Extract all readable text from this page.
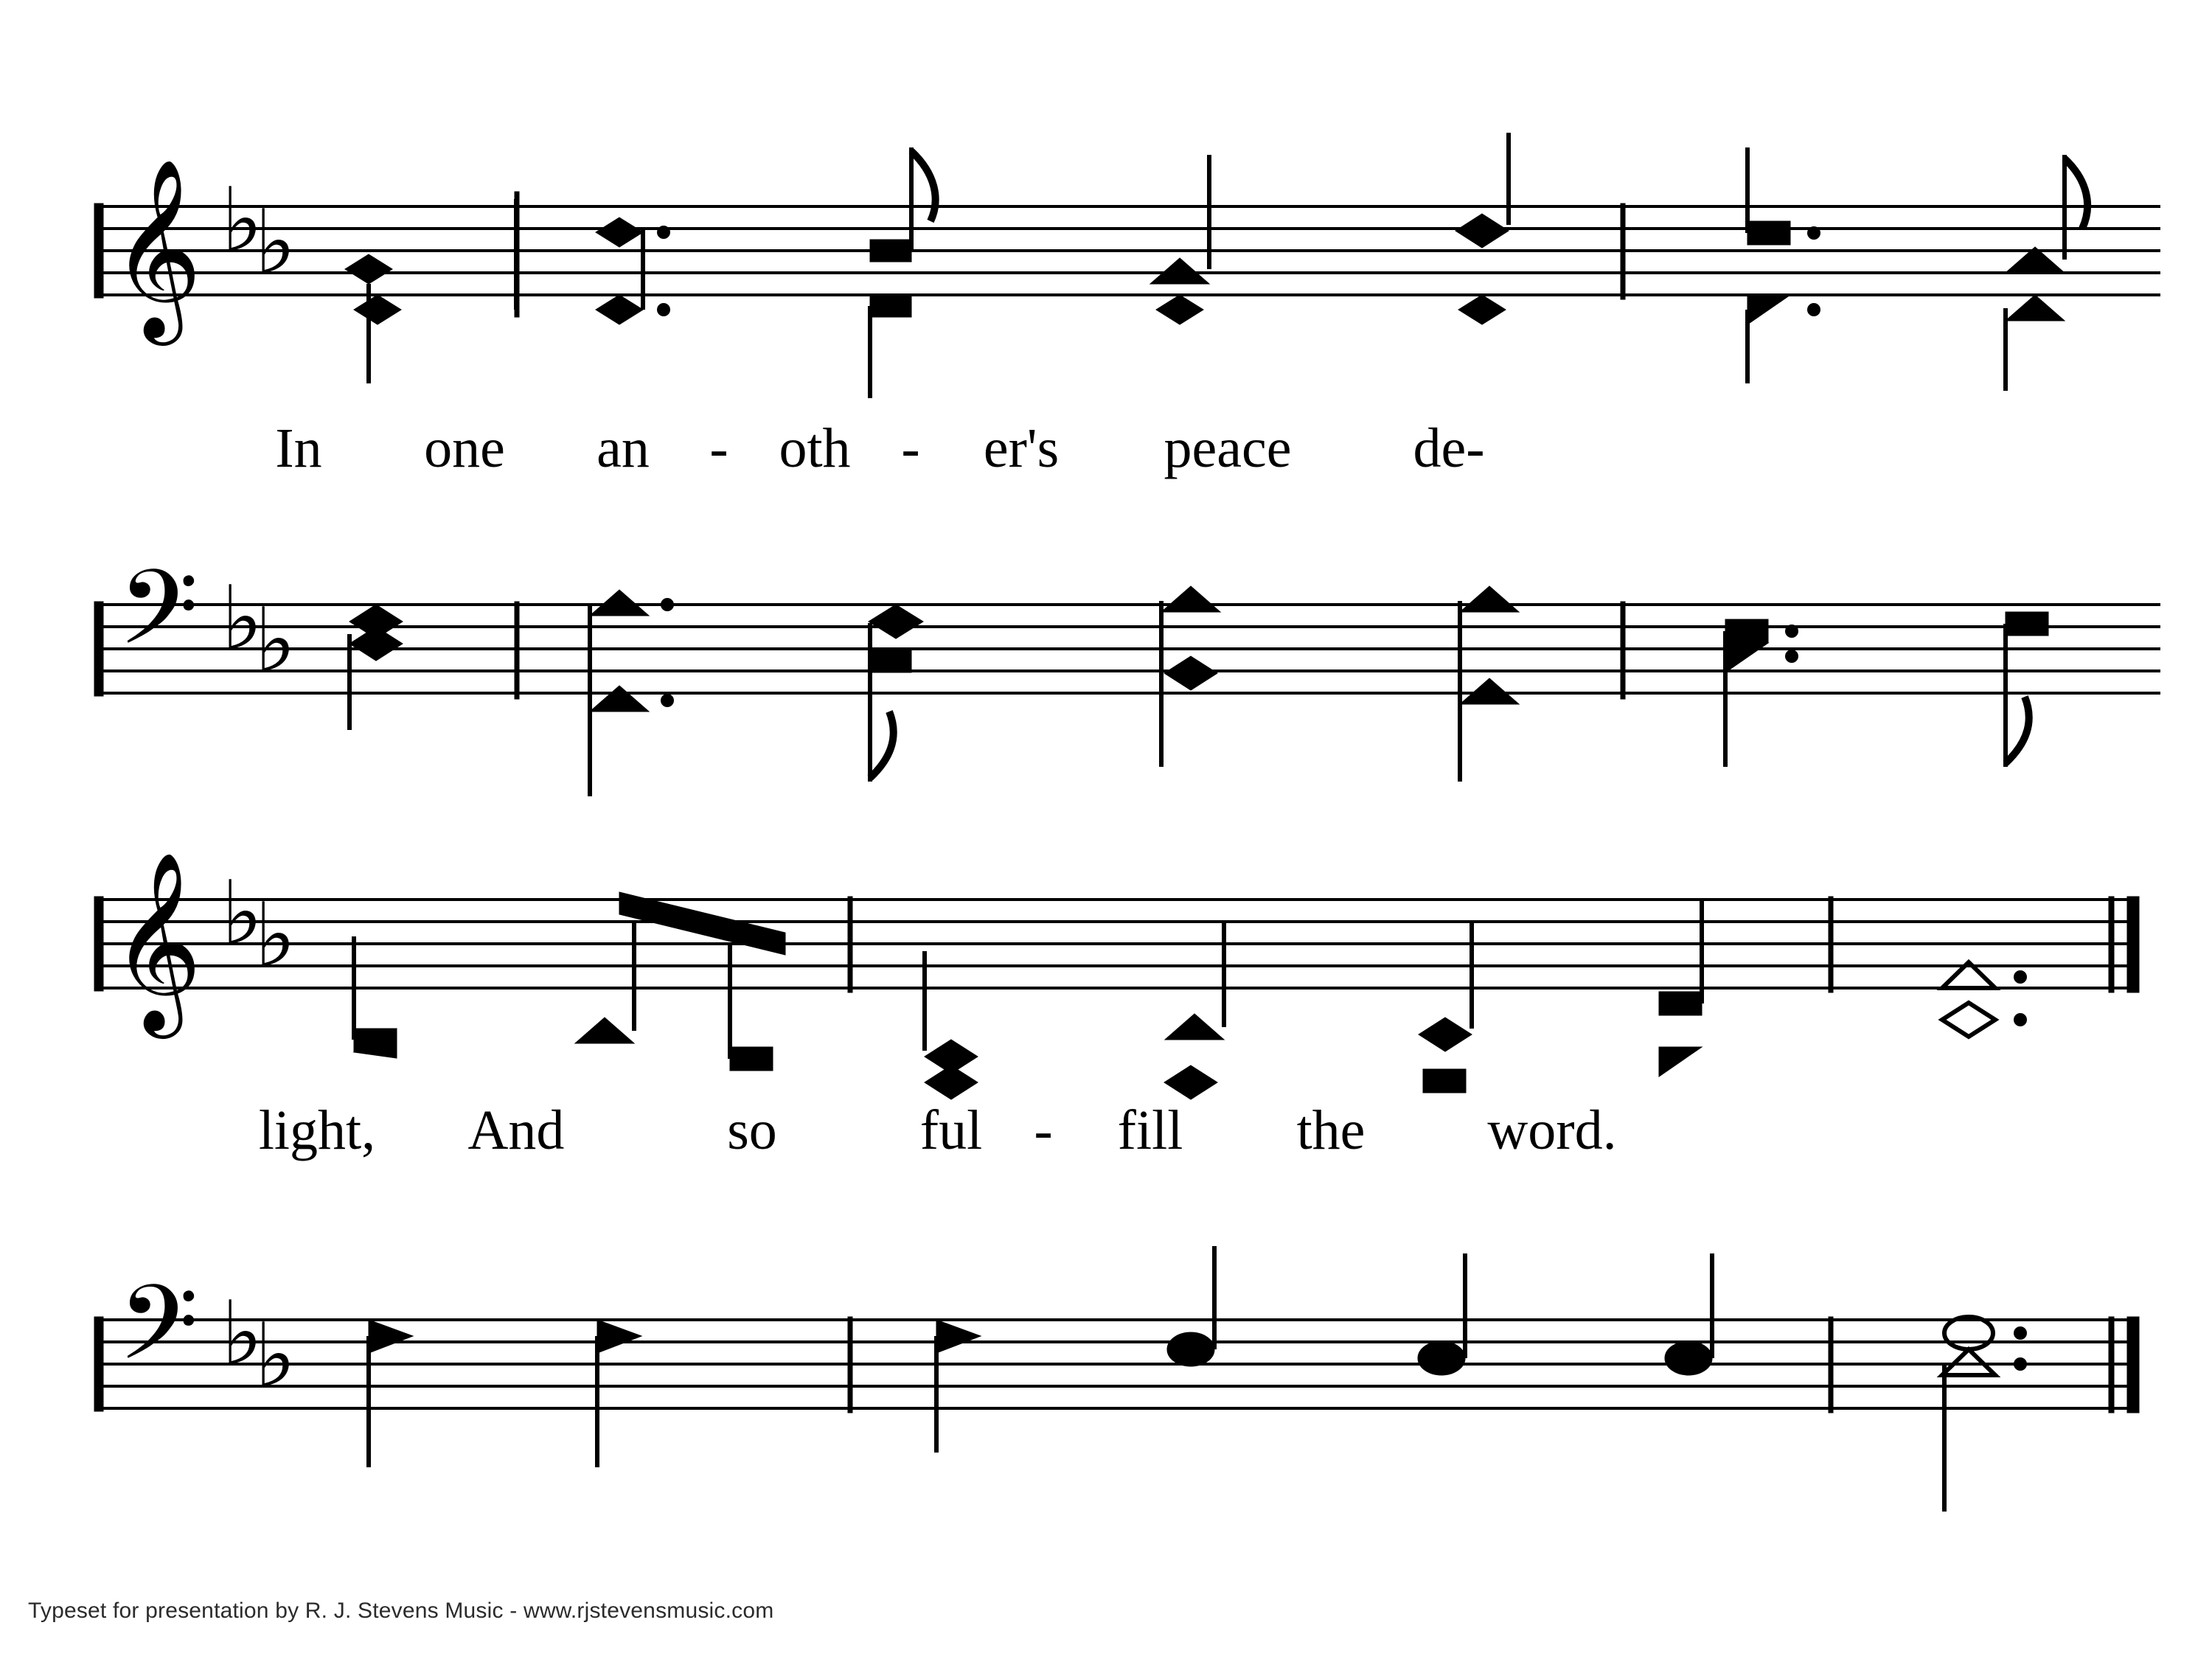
𝄞
𝄢
♭
♭
♭
♭
In	one	an	- oth -	er's	peace	de-
𝄞
𝄢
♭
♭
♭
♭
light,	And	so	ful -	fill	the	word.
Typeset for presentation by R. J. Stevens Music - www.rjstevensmusic.com
